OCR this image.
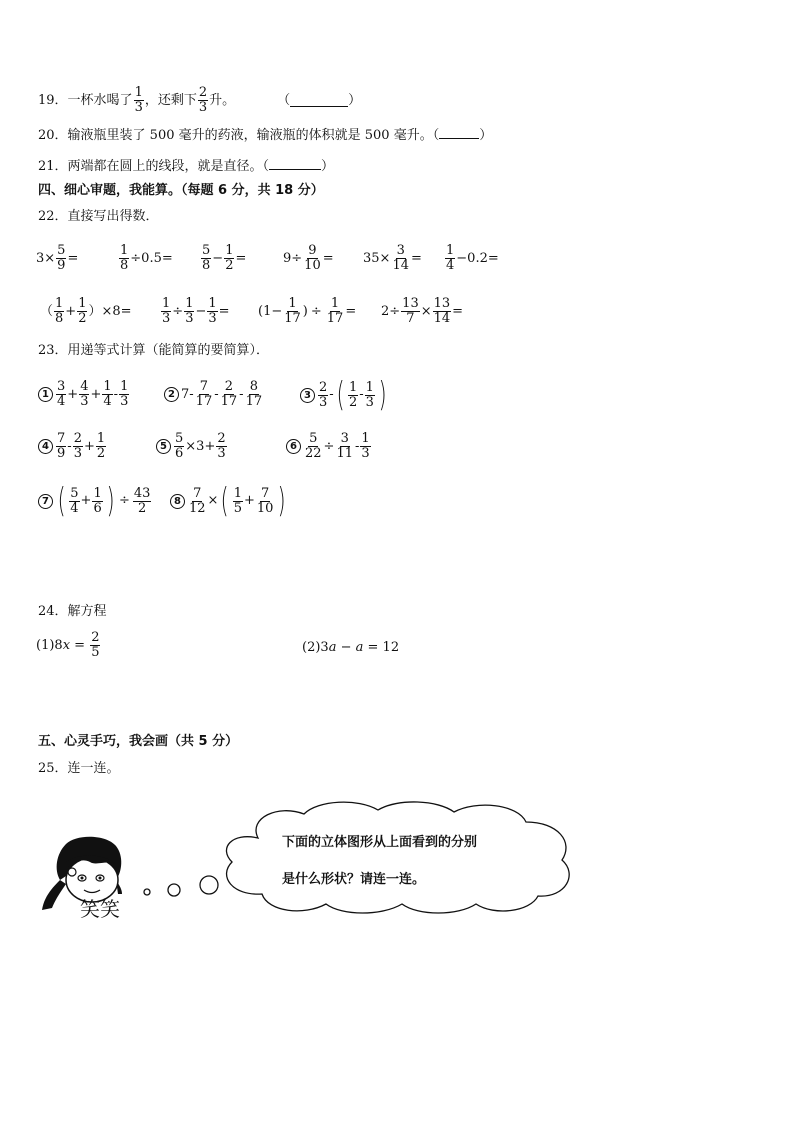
19． 一杯水喝了 $\frac{1}{3}$ ，还剩下 $\frac{2}{3}$ 升。	（	）
20．输液瓶里装了 500 毫升的药液，输液瓶的体积就是 500 毫升。（	）
21．两端都在圆上的线段，就是直径。（	）
四、细心审题，我能算。（每题 6 分，共 18 分）
22．直接写出得数．
$3\times \frac{5}{9}$ =	$\frac{1}{8} \div 0.5= \frac{5}{8} - \frac{1}{2}$ =	$9\div \frac{9}{10} = 35\times \frac{3}{14} = \frac{1}{4} -0.2=$
（ $\frac{1}{8} + \frac{1}{2} )\times 8= \frac{1}{3} \div \frac{1}{3} - \frac{1}{3} = (1- \frac{1}{17}$ ) ÷ $\frac{1}{17} = 2\div \frac{13}{7} \times \frac{13}{14}$ =
23．用递等式计算（能简算的要简算）．
$1 \frac{3}{4} + \frac{4}{3} + \frac{1}{4} - \frac{1}{3}$	2 $7- \frac{7}{17} - \frac{2}{17} - \frac{8}{17}$	$3 \frac{2}{3}$ - ( $\frac{1}{2} - \frac{1}{3}$ )
$4 \frac{7}{9} - \frac{2}{3} + \frac{1}{2}$	$5 \frac{5}{6} \times 3+ \frac{2}{3}$	$6 \frac{5}{22} \div \frac{3}{11} - \frac{1}{3}$
7 ( $\frac{5}{4} + \frac{1}{6}$ ) ÷ $\frac{43}{2}$	$8 \frac{7}{12}$ × ( $\frac{1}{5} + \frac{7}{10}$ )
24．解方程
(1)8 $x = \frac{2}{5}$	(2)3 a − a = 12
五、心灵手巧，我会画（共 5 分）
25．连一连。
笑笑
下面的立体图形从上面看到的分别
是什么形状？请连一连。
